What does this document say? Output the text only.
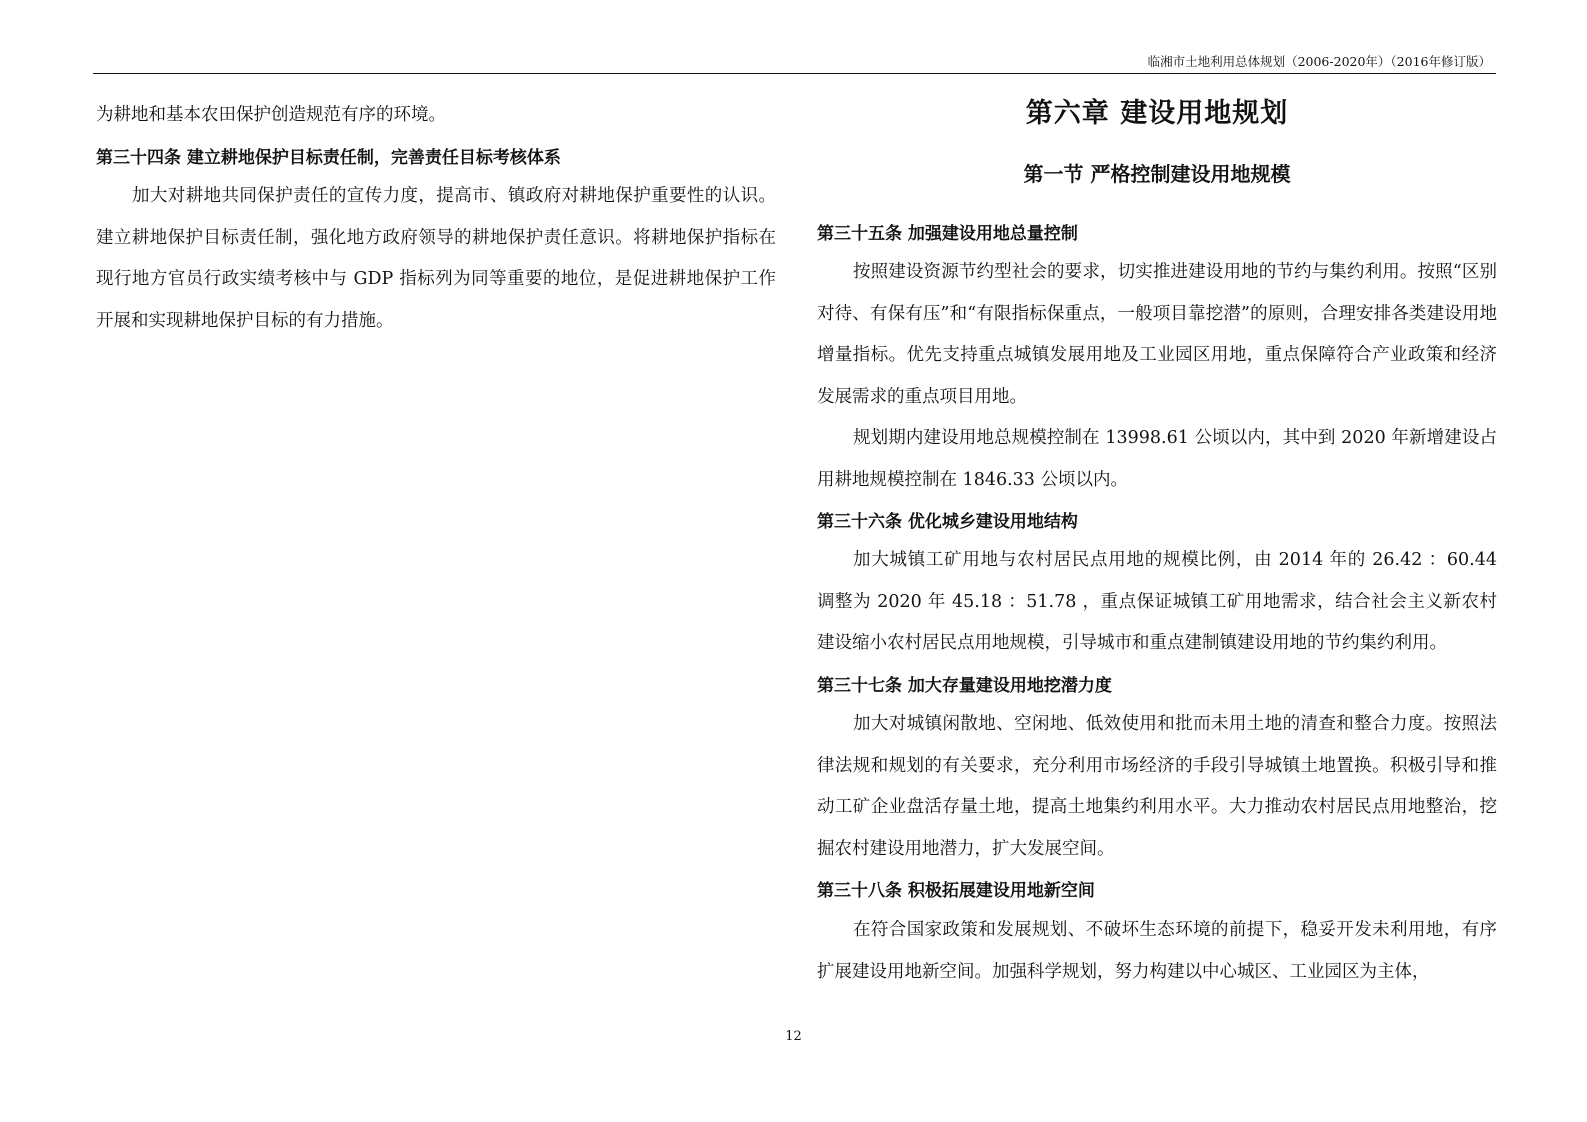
临湘市土地利用总体规划（2006-2020年）（2016年修订版）

为耕地和基本农田保护创造规范有序的环境。

第三十四条 建立耕地保护目标责任制，完善责任目标考核体系

加大对耕地共同保护责任的宣传力度，提高市、镇政府对耕地保护重要性的认识。建立耕地保护目标责任制，强化地方政府领导的耕地保护责任意识。将耕地保护指标在现行地方官员行政实绩考核中与 GDP 指标列为同等重要的地位，是促进耕地保护工作开展和实现耕地保护目标的有力措施。

第六章 建设用地规划
第一节 严格控制建设用地规模

第三十五条 加强建设用地总量控制

按照建设资源节约型社会的要求，切实推进建设用地的节约与集约利用。按照“区别对待、有保有压”和“有限指标保重点，一般项目靠挖潜”的原则，合理安排各类建设用地增量指标。优先支持重点城镇发展用地及工业园区用地，重点保障符合产业政策和经济发展需求的重点项目用地。

规划期内建设用地总规模控制在 13998.61 公顷以内，其中到 2020 年新增建设占用耕地规模控制在 1846.33 公顷以内。

第三十六条 优化城乡建设用地结构

加大城镇工矿用地与农村居民点用地的规模比例，由 2014 年的 26.42 ：60.44 调整为 2020 年 45.18 ：51.78 ，重点保证城镇工矿用地需求，结合社会主义新农村建设缩小农村居民点用地规模，引导城市和重点建制镇建设用地的节约集约利用。

第三十七条 加大存量建设用地挖潜力度

加大对城镇闲散地、空闲地、低效使用和批而未用土地的清查和整合力度。按照法律法规和规划的有关要求，充分利用市场经济的手段引导城镇土地置换。积极引导和推动工矿企业盘活存量土地，提高土地集约利用水平。大力推动农村居民点用地整治，挖掘农村建设用地潜力，扩大发展空间。

第三十八条 积极拓展建设用地新空间

在符合国家政策和发展规划、不破坏生态环境的前提下，稳妥开发未利用地，有序扩展建设用地新空间。加强科学规划，努力构建以中心城区、工业园区为主体，

12
